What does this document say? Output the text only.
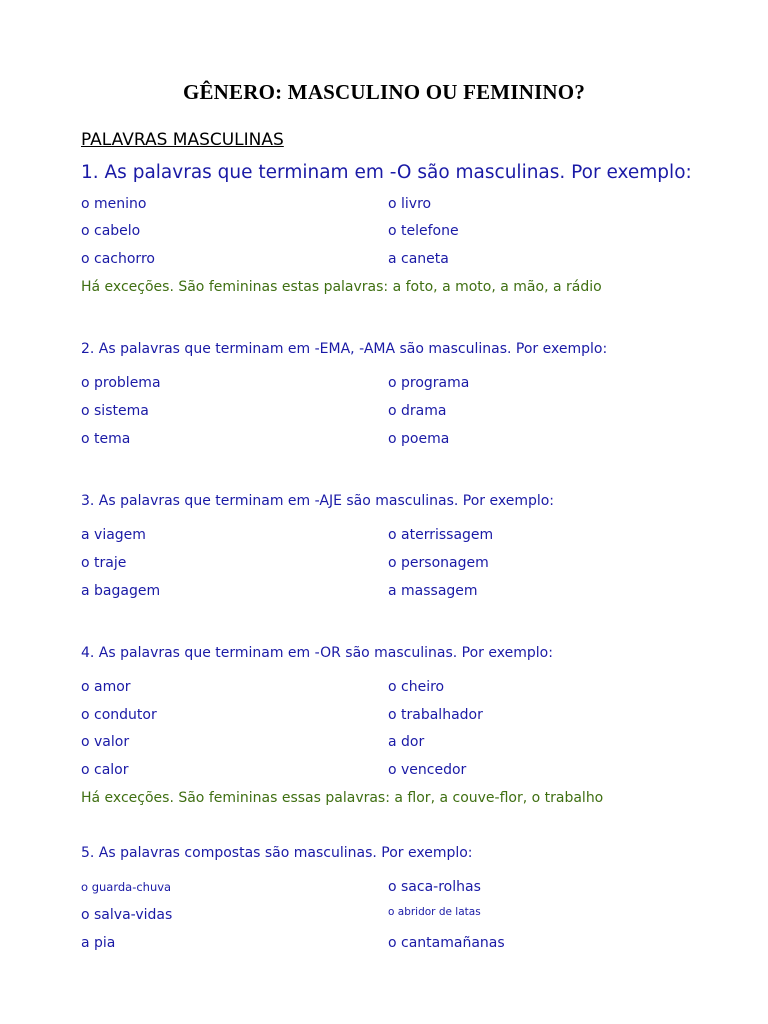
GÊNERO: MASCULINO OU FEMININO?
PALAVRAS MASCULINAS
1. As palavras que terminam em -O são masculinas. Por exemplo:
o menino
o cabelo
o cachorro
o livro
o telefone
a caneta
Há exceções. São femininas estas palavras: a foto, a moto, a mão, a rádio
2. As palavras que terminam em -EMA, -AMA são masculinas. Por exemplo:
o problema
o sistema
o tema
o programa
o drama
o poema
3. As palavras que terminam em -AJE são masculinas. Por exemplo:
a viagem
o traje
a bagagem
o aterrissagem
o personagem
a massagem
4. As palavras que terminam em -OR são masculinas. Por exemplo:
o amor
o condutor
o valor
o calor
o cheiro
o trabalhador
a dor
o vencedor
Há exceções. São femininas essas palavras: a flor, a couve-flor, o trabalho
5. As palavras compostas são masculinas. Por exemplo:
o guarda-chuva
o salva-vidas
a pia
o saca-rolhas
o abridor de latas
o cantamañanas
